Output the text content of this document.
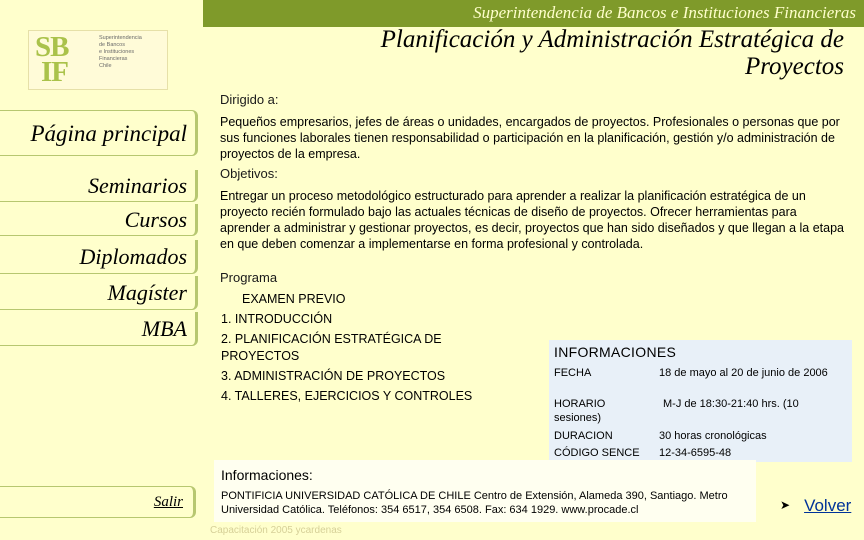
SB
IF
Superintendencia
de Bancos
e Instituciones
Financieras
Chile
Página principal
Seminarios
Cursos
Diplomados
Magíster
MBA
Salir
Superintendencia de Bancos e Instituciones Financieras
Planificación y Administración Estratégica de Proyectos
Dirigido a:
Pequeños empresarios, jefes de áreas o unidades, encargados de proyectos. Profesionales o personas que por sus funciones laborales tienen responsabilidad o participación en la planificación, gestión y/o administración de proyectos de la empresa.
Objetivos:
Entregar un proceso metodológico estructurado para aprender a realizar la planificación estratégica de un proyecto recién formulado bajo las actuales técnicas de diseño de proyectos. Ofrecer herramientas para aprender a administrar y gestionar proyectos, es decir, proyectos que han sido diseñados y que llegan a la etapa en que deben comenzar a implementarse en forma profesional y controlada.
Programa
EXAMEN PREVIO
1. INTRODUCCIÓN
2. PLANIFICACIÓN ESTRATÉGICA DE
PROYECTOS
3. ADMINISTRACIÓN DE PROYECTOS
4. TALLERES, EJERCICIOS Y CONTROLES
INFORMACIONES
FECHA	18 de mayo al 20 de junio de 2006
HORARIO sesiones)
M-J de 18:30-21:40 hrs. (10
DURACION	30 horas cronológicas
CÓDIGO SENCE 12-34-6595-48
Informaciones:
PONTIFICIA UNIVERSIDAD CATÓLICA DE CHILE Centro de Extensión, Alameda 390, Santiago. Metro Universidad Católica. Teléfonos: 354 6517, 354 6508. Fax: 634 1929. www.procade.cl
Capacitación 2005 ycardenas
➤ Volver
